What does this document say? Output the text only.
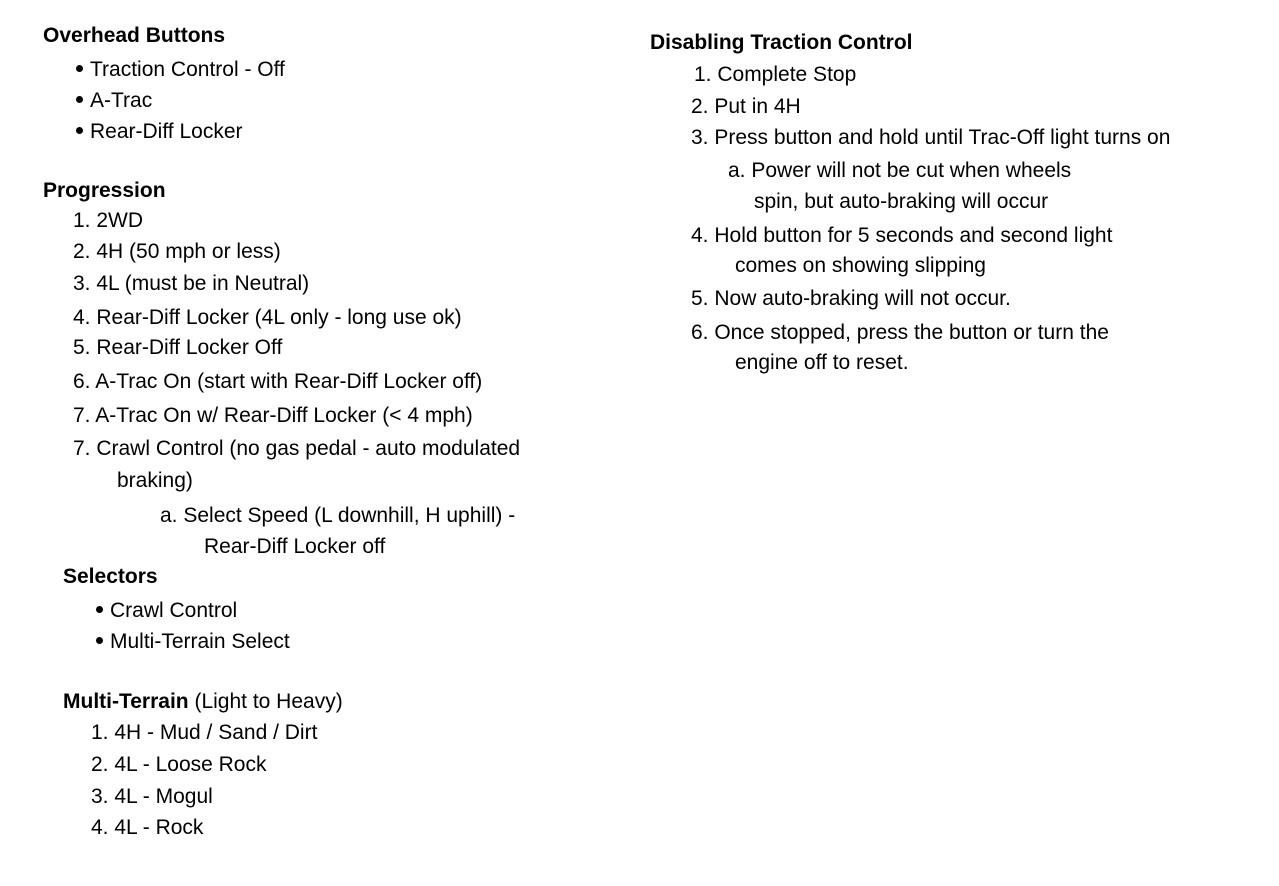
Overhead Buttons
Traction Control - Off
A-Trac
Rear-Diff Locker
Progression
1. 2WD
2. 4H (50 mph or less)
3. 4L (must be in Neutral)
4. Rear-Diff Locker (4L only - long use ok)
5. Rear-Diff Locker Off
6. A-Trac On (start with Rear-Diff Locker off)
7. A-Trac On w/ Rear-Diff Locker (< 4 mph)
7. Crawl Control (no gas pedal - auto modulated
braking)
a. Select Speed (L downhill, H uphill) -
Rear-Diff Locker off
Selectors
Crawl Control
Multi-Terrain Select
Multi-Terrain (Light to Heavy)
1. 4H - Mud / Sand / Dirt
2. 4L - Loose Rock
3. 4L - Mogul
4. 4L - Rock
Disabling Traction Control
1. Complete Stop
2. Put in 4H
3. Press button and hold until Trac-Off light turns on
a. Power will not be cut when wheels
spin, but auto-braking will occur
4. Hold button for 5 seconds and second light
comes on showing slipping
5. Now auto-braking will not occur.
6. Once stopped, press the button or turn the
engine off to reset.
